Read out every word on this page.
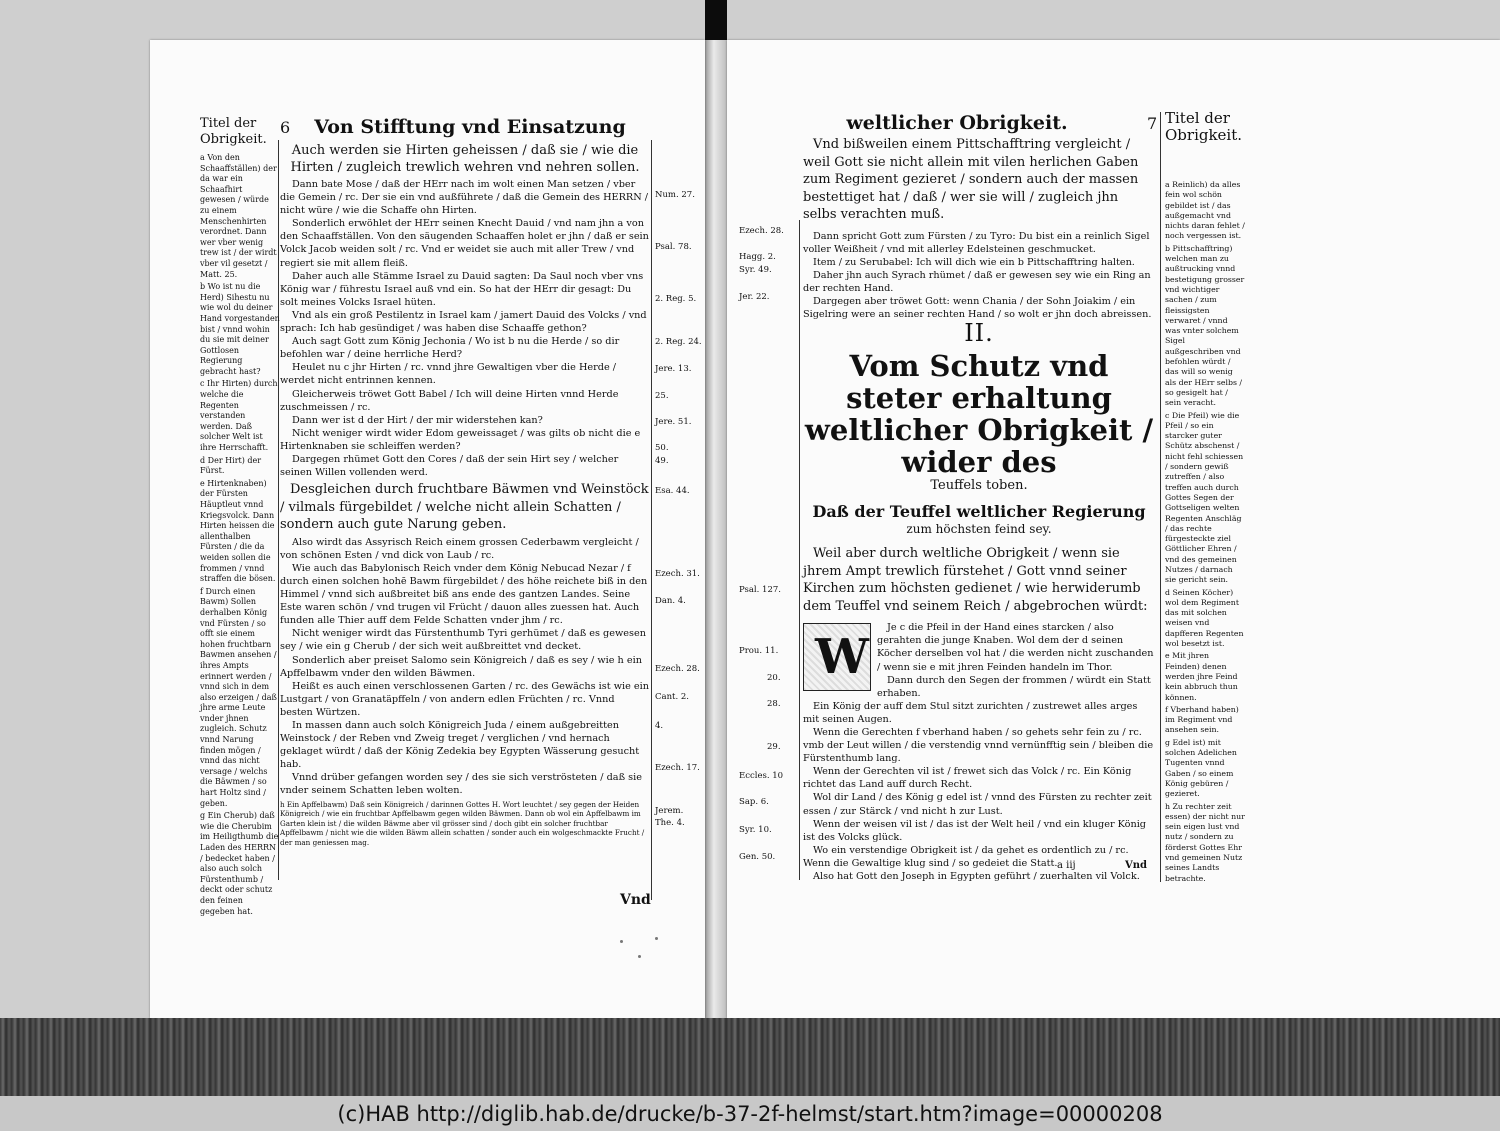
Titel der Obrigkeit.
6	Von Stifftung vnd Einsatzung

a Von den Schaaffställen) der da war ein Schaafhirt gewesen / würde zu einem Menschenhirten verordnet. Dann wer vber wenig trew ist / der wirdt vber vil gesetzt / Matt. 25.

b Wo ist nu die Herd) Sihestu nu wie wol du deiner Hand vorgestanden bist / vnnd wohin du sie mit deiner Gottlosen Regierung gebracht hast?

c Ihr Hirten) durch welche die Regenten verstanden werden. Daß solcher Welt ist ihre Herrschafft.

d Der Hirt) der Fürst.

e Hirtenknaben) der Fürsten Häuptleut vnnd Kriegsvolck. Dann Hirten heissen die allenthalben Fürsten / die da weiden sollen die frommen / vnnd straffen die bösen.

f Durch einen Bawm) Sollen derhalben König vnd Fürsten / so offt sie einem hohen fruchtbarn Bawmen ansehen / ihres Ampts erinnert werden / vnnd sich in dem also erzeigen / daß jhre arme Leute vnder jhnen zugleich. Schutz vnnd Narung finden mögen / vnnd das nicht versage / welchs die Bäwmen / so hart Holtz sind / geben.

g Ein Cherub) daß wie die Cherubim im Heiligthumb die Laden des HERRN / bedecket haben / also auch solch Fürstenthumb / deckt oder schutz den feinen gegeben hat.

Auch werden sie Hirten geheissen / daß sie / wie die Hirten / zugleich trewlich wehren vnd nehren sollen.

Dann bate Mose / daß der HErr nach im wolt einen Man setzen / vber die Gemein / rc. Der sie ein vnd außführete / daß die Gemein des HERRN / nicht würe / wie die Schaffe ohn Hirten.

Sonderlich erwöhlet der HErr seinen Knecht Dauid / vnd nam jhn a von den Schaaffställen. Von den säugenden Schaaffen holet er jhn / daß er sein Volck Jacob weiden solt / rc. Vnd er weidet sie auch mit aller Trew / vnd regiert sie mit allem fleiß.

Daher auch alle Stämme Israel zu Dauid sagten: Da Saul noch vber vns König war / führestu Israel auß vnd ein. So hat der HErr dir gesagt: Du solt meines Volcks Israel hüten.

Vnd als ein groß Pestilentz in Israel kam / jamert Dauid des Volcks / vnd sprach: Ich hab gesündiget / was haben dise Schaaffe gethon?

Auch sagt Gott zum König Jechonia / Wo ist b nu die Herde / so dir befohlen war / deine herrliche Herd?

Heulet nu c jhr Hirten / rc. vnnd jhre Gewaltigen vber die Herde / werdet nicht entrinnen kennen.

Gleicherweis tröwet Gott Babel / Ich will deine Hirten vnnd Herde zuschmeissen / rc.

Dann wer ist d der Hirt / der mir widerstehen kan?

Nicht weniger wirdt wider Edom geweissaget / was gilts ob nicht die e Hirtenknaben sie schleiffen werden?

Dargegen rhümet Gott den Cores / daß der sein Hirt sey / welcher seinen Willen vollenden werd.

Desgleichen durch fruchtbare Bäwmen vnd Weinstöck / vilmals fürgebildet / welche nicht allein Schatten / sondern auch gute Narung geben.

Also wirdt das Assyrisch Reich einem grossen Cederbawm vergleicht / von schönen Esten / vnd dick von Laub / rc.

Wie auch das Babylonisch Reich vnder dem König Nebucad Nezar / f durch einen solchen hohē Bawm fürgebildet / des höhe reichete biß in den Himmel / vnnd sich außbreitet biß ans ende des gantzen Landes. Seine Este waren schön / vnd trugen vil Frücht / dauon alles zuessen hat. Auch funden alle Thier auff dem Felde Schatten vnder jhm / rc.

Nicht weniger wirdt das Fürstenthumb Tyri gerhümet / daß es gewesen sey / wie ein g Cherub / der sich weit außbreittet vnd decket.

Sonderlich aber preiset Salomo sein Königreich / daß es sey / wie h ein Apffelbawm vnder den wilden Bäwmen.

Heißt es auch einen verschlossenen Garten / rc. des Gewächs ist wie ein Lustgart / von Granatäpffeln / von andern edlen Früchten / rc. Vnnd besten Würtzen.

In massen dann auch solch Königreich Juda / einem außgebreitten Weinstock / der Reben vnd Zweig treget / verglichen / vnd hernach geklaget würdt / daß der König Zedekia bey Egypten Wässerung gesucht hab.

Vnnd drüber gefangen worden sey / des sie sich verströsteten / daß sie vnder seinem Schatten leben wolten.

h Ein Apffelbawm) Daß sein Königreich / darinnen Gottes H. Wort leuchtet / sey gegen der Heiden Königreich / wie ein fruchtbar Apffelbawm gegen wilden Bäwmen. Dann ob wol ein Apffelbawm im Garten klein ist / die wilden Bäwme aber vil grösser sind / doch gibt ein solcher fruchtbar Apffelbawm / nicht wie die wilden Bäwm allein schatten / sonder auch ein wolgeschmackte Frucht / der man geniessen mag.

Num. 27.
Psal. 78.
2. Reg. 5.
2. Reg. 24.
Jere. 13.
25.
Jere. 51.
50.
49.
Esa. 44.
Ezech. 31.
Dan. 4.
Ezech. 28.
Cant. 2.
4.
Ezech. 17.
Jerem. The. 4.
Vnd
weltlicher Obrigkeit.	7 Titel der Obrigkeit.
Ezech. 28.
Hagg. 2.
Syr. 49.
Jer. 22.
Psal. 127.
Prou. 11.
20.
28.
29.
Eccles. 10
Sap. 6.
Syr. 10.
Gen. 50.

Vnd bißweilen einem Pittschafftring vergleicht / weil Gott sie nicht allein mit vilen herlichen Gaben zum Regiment gezieret / sondern auch der massen bestettiget hat / daß / wer sie will / zugleich jhn selbs verachten muß.

Dann spricht Gott zum Fürsten / zu Tyro: Du bist ein a reinlich Sigel voller Weißheit / vnd mit allerley Edelsteinen geschmucket.

Item / zu Serubabel: Ich will dich wie ein b Pittschafftring halten.

Daher jhn auch Syrach rhümet / daß er gewesen sey wie ein Ring an der rechten Hand.

Dargegen aber tröwet Gott: wenn Chania / der Sohn Joiakim / ein Sigelring were an seiner rechten Hand / so wolt er jhn doch abreissen.

II.

Vom Schutz vnd steter erhaltung weltlicher Obrigkeit / wider des

Teuffels toben.

Daß der Teuffel weltlicher Regierung

zum höchsten feind sey.

Weil aber durch weltliche Obrigkeit / wenn sie jhrem Ampt trewlich fürstehet / Gott vnnd seiner Kirchen zum höchsten gedienet / wie herwiderumb dem Teuffel vnd seinem Reich / abgebrochen würdt:

W
Je c die Pfeil in der Hand eines starcken / also gerahten die junge Knaben. Wol dem der d seinen Köcher derselben vol hat / die werden nicht zuschanden / wenn sie e mit jhren Feinden handeln im Thor.

Dann durch den Segen der frommen / würdt ein Statt erhaben.

Ein König der auff dem Stul sitzt zurichten / zustrewet alles arges mit seinen Augen.

Wenn die Gerechten f vberhand haben / so gehets sehr fein zu / rc. vmb der Leut willen / die verstendig vnnd vernünfftig sein / bleiben die Fürstenthumb lang.

Wenn der Gerechten vil ist / frewet sich das Volck / rc. Ein König richtet das Land auff durch Recht.

Wol dir Land / des König g edel ist / vnnd des Fürsten zu rechter zeit essen / zur Stärck / vnd nicht h zur Lust.

Wenn der weisen vil ist / das ist der Welt heil / vnd ein kluger König ist des Volcks glück.

Wo ein verstendige Obrigkeit ist / da gehet es ordentlich zu / rc. Wenn die Gewaltige klug sind / so gedeiet die Statt.

Also hat Gott den Joseph in Egypten geführt / zuerhalten vil Volck.

a Reinlich) da alles fein wol schön gebildet ist / das außgemacht vnd nichts daran fehlet / noch vergessen ist.

b Pittschafftring) welchen man zu außtrucking vnnd bestetigung grosser vnd wichtiger sachen / zum fleissigsten verwaret / vnnd was vnter solchem Sigel außgeschriben vnd befohlen würdt / das will so wenig als der HErr selbs / so gesigelt hat / sein veracht.

c Die Pfeil) wie die Pfeil / so ein starcker guter Schütz abschenst / nicht fehl schiessen / sondern gewiß zutreffen / also treffen auch durch Gottes Segen der Gottseligen welten Regenten Anschläg / das rechte fürgesteckte ziel Göttlicher Ehren / vnd des gemeinen Nutzes / darnach sie gericht sein.

d Seinen Köcher) wol dem Regiment das mit solchen weisen vnd dapfferen Regenten wol besetzt ist.

e Mit jhren Feinden) denen werden jhre Feind kein abbruch thun können.

f Vberhand haben) im Regiment vnd ansehen sein.

g Edel ist) mit solchen Adelichen Tugenten vnnd Gaben / so einem König gebüren / gezieret.

h Zu rechter zeit essen) der nicht nur sein eigen lust vnd nutz / sondern zu förderst Gottes Ehr vnd gemeinen Nutz seines Landts betrachte.

a iij	Vnd
(c)HAB http://diglib.hab.de/drucke/b-37-2f-helmst/start.htm?image=00000208
